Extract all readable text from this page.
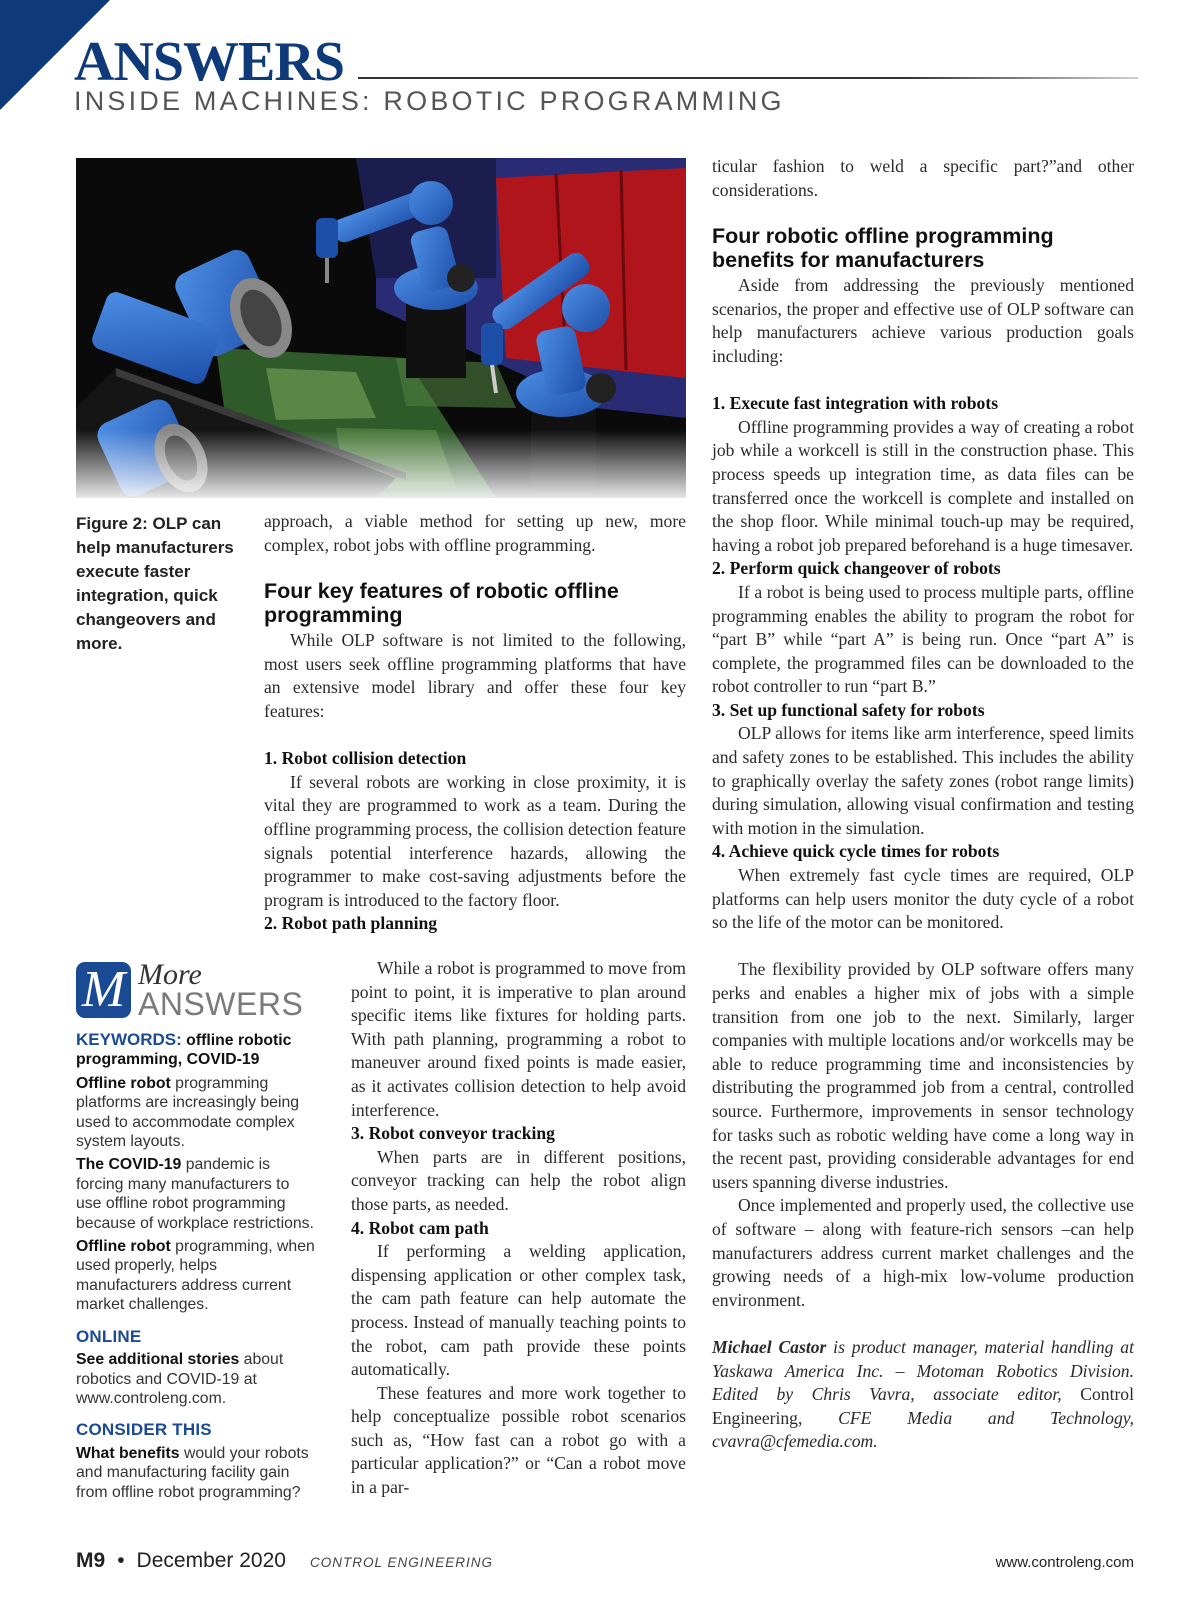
ANSWERS
INSIDE MACHINES: ROBOTIC PROGRAMMING
Figure 2: OLP can help manufacturers execute faster integration, quick changeovers and more.

approach, a viable method for setting up new, more complex, robot jobs with offline programming.

Four key features of robotic offline programming

While OLP software is not limited to the following, most users seek offline programming platforms that have an extensive model library and offer these four key features:

1. Robot collision detection

If several robots are working in close proximity, it is vital they are programmed to work as a team. During the offline programming process, the collision detection feature signals potential interference hazards, allowing the programmer to make cost-saving adjustments before the program is introduced to the factory floor.

2. Robot path planning

While a robot is programmed to move from point to point, it is imperative to plan around specific items like fixtures for holding parts. With path planning, programming a robot to maneuver around fixed points is made easier, as it activates collision detection to help avoid interference.

3. Robot conveyor tracking

When parts are in different positions, conveyor tracking can help the robot align those parts, as needed.

4. Robot cam path

If performing a welding application, dispensing application or other complex task, the cam path feature can help automate the process. Instead of manually teaching points to the robot, cam path provide these points automatically.

These features and more work together to help conceptualize possible robot scenarios such as, “How fast can a robot go with a particular application?” or “Can a robot move in a par-

ticular fashion to weld a specific part?”and other considerations.

Four robotic offline programming benefits for manufacturers

Aside from addressing the previously mentioned scenarios, the proper and effective use of OLP software can help manufacturers achieve various production goals including:

1. Execute fast integration with robots

Offline programming provides a way of creating a robot job while a workcell is still in the construction phase. This process speeds up integration time, as data files can be transferred once the workcell is complete and installed on the shop floor. While minimal touch-up may be required, having a robot job prepared beforehand is a huge timesaver.

2. Perform quick changeover of robots

If a robot is being used to process multiple parts, offline programming enables the ability to program the robot for “part B” while “part A” is being run. Once “part A” is complete, the programmed files can be downloaded to the robot controller to run “part B.”

3. Set up functional safety for robots

OLP allows for items like arm interference, speed limits and safety zones to be established. This includes the ability to graphically overlay the safety zones (robot range limits) during simulation, allowing visual confirmation and testing with motion in the simulation.

4. Achieve quick cycle times for robots

When extremely fast cycle times are required, OLP platforms can help users monitor the duty cycle of a robot so the life of the motor can be monitored.

The flexibility provided by OLP software offers many perks and enables a higher mix of jobs with a simple transition from one job to the next. Similarly, larger companies with multiple locations and/or workcells may be able to reduce programming time and inconsistencies by distributing the programmed job from a central, controlled source. Furthermore, improvements in sensor technology for tasks such as robotic welding have come a long way in the recent past, providing considerable advantages for end users spanning diverse industries.

Once implemented and properly used, the collective use of software – along with feature-rich sensors –can help manufacturers address current market challenges and the growing needs of a high-mix low-volume production environment.

Michael Castor is product manager, material handling at Yaskawa America Inc. – Motoman Robotics Division. Edited by Chris Vavra, associate editor, Control Engineering, CFE Media and Technology, cvavra@cfemedia.com.

M More
ANSWERS

KEYWORDS: offline robotic programming, COVID-19

Offline robot programming platforms are increasingly being used to accommodate complex system layouts.

The COVID-19 pandemic is forcing many manufacturers to use offline robot programming because of workplace restrictions.

Offline robot programming, when used properly, helps manufacturers address current market challenges.

ONLINE

See additional stories about robotics and COVID-19 at www.controleng.com.

CONSIDER THIS

What benefits would your robots and manufacturing facility gain from offline robot programming?

M9 • December 2020 CONTROL ENGINEERING	www.controleng.com
